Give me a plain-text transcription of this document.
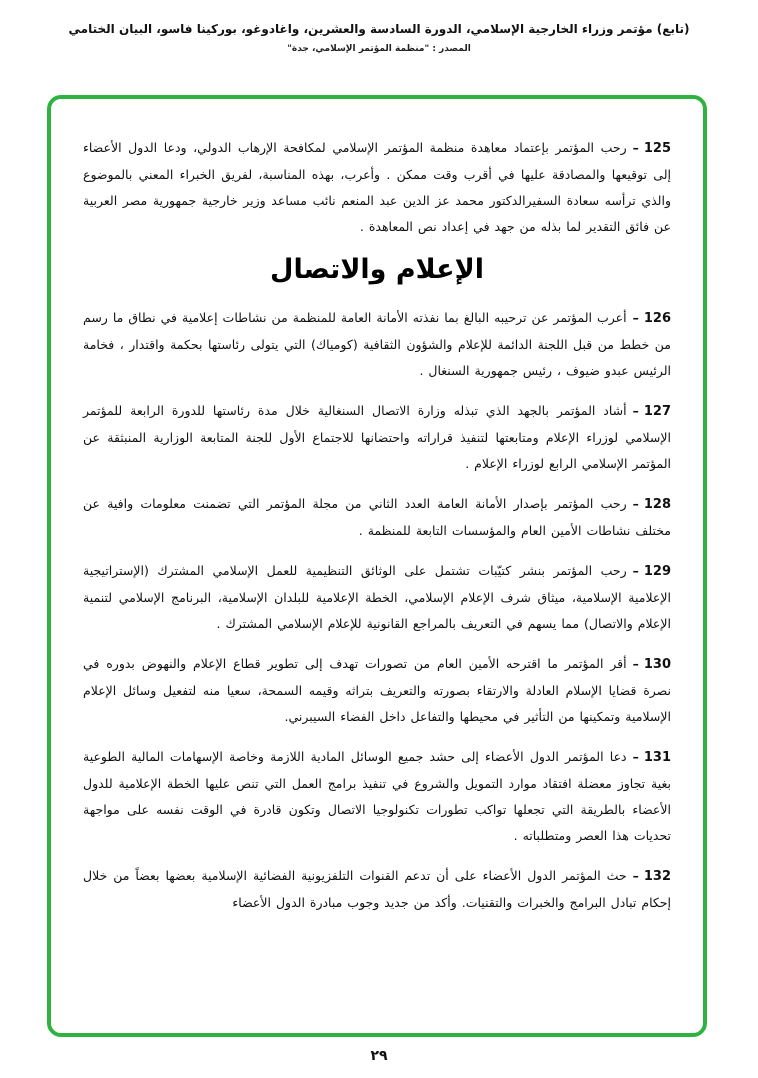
(تابع) مؤتمر وزراء الخارجية الإسلامي، الدورة السادسة والعشرين، واغادوغو، بوركينا فاسو، البيان الختامي
المصدر : "منظمة المؤتمر الإسلامي، جدة"

125–رحب المؤتمر بإعتماد معاهدة منظمة المؤتمر الإسلامي لمكافحة الإرهاب الدولي، ودعا الدول الأعضاء إلى توقيعها والمصادقة عليها في أقرب وقت ممكن . وأعرب، بهذه المناسبة، لفريق الخبراء المعني بالموضوع والذي ترأسه سعادة السفيرالدكتور محمد عز الدين عبد المنعم نائب مساعد وزير خارجية جمهورية مصر العربية عن فائق التقدير لما بذله من جهد في إعداد نص المعاهدة .

الإعلام والاتصال

126–أعرب المؤتمر عن ترحيبه البالغ بما نفذته الأمانة العامة للمنظمة من نشاطات إعلامية في نطاق ما رسم من خطط من قبل اللجنة الدائمة للإعلام والشؤون الثقافية (كومياك) التي يتولى رئاستها بحكمة واقتدار ، فخامة الرئيس عبدو ضيوف ، رئيس جمهورية السنغال .

127–أشاد المؤتمر بالجهد الذي تبذله وزارة الاتصال السنغالية خلال مدة رئاستها للدورة الرابعة للمؤتمر الإسلامي لوزراء الإعلام ومتابعتها لتنفيذ قراراته واحتضانها للاجتماع الأول للجنة المتابعة الوزارية المنبثقة عن المؤتمر الإسلامي الرابع لوزراء الإعلام .

128–رحب المؤتمر بإصدار الأمانة العامة العدد الثاني من مجلة المؤتمر التي تضمنت معلومات وافية عن مختلف نشاطات الأمين العام والمؤسسات التابعة للمنظمة .

129–رحب المؤتمر بنشر كتيّبات تشتمل على الوثائق التنظيمية للعمل الإسلامي المشترك (الإستراتيجية الإعلامية الإسلامية، ميثاق شرف الإعلام الإسلامي، الخطة الإعلامية للبلدان الإسلامية، البرنامج الإسلامي لتنمية الإعلام والاتصال) مما يسهم في التعريف بالمراجع القانونية للإعلام الإسلامي المشترك .

130–أقر المؤتمر ما اقترحه الأمين العام من تصورات تهدف إلى تطوير قطاع الإعلام والنهوض بدوره في نصرة قضايا الإسلام العادلة والارتقاء بصورته والتعريف بتراثه وقيمه السمحة، سعيا منه لتفعيل وسائل الإعلام الإسلامية وتمكينها من التأثير في محيطها والتفاعل داخل الفضاء السيبرني.

131–دعا المؤتمر الدول الأعضاء إلى حشد جميع الوسائل المادية اللازمة وخاصة الإسهامات المالية الطوعية بغية تجاوز معضلة افتقاد موارد التمويل والشروع في تنفيذ برامج العمل التي تنص عليها الخطة الإعلامية للدول الأعضاء بالطريقة التي تجعلها تواكب تطورات تكنولوجيا الاتصال وتكون قادرة في الوقت نفسه على مواجهة تحديات هذا العصر ومتطلباته .

132–حث المؤتمر الدول الأعضاء على أن تدعم القنوات التلفزيونية الفضائية الإسلامية بعضها بعضاً من خلال إحكام تبادل البرامج والخبرات والتقنيات. وأكد من جديد وجوب مبادرة الدول الأعضاء

٢٩
